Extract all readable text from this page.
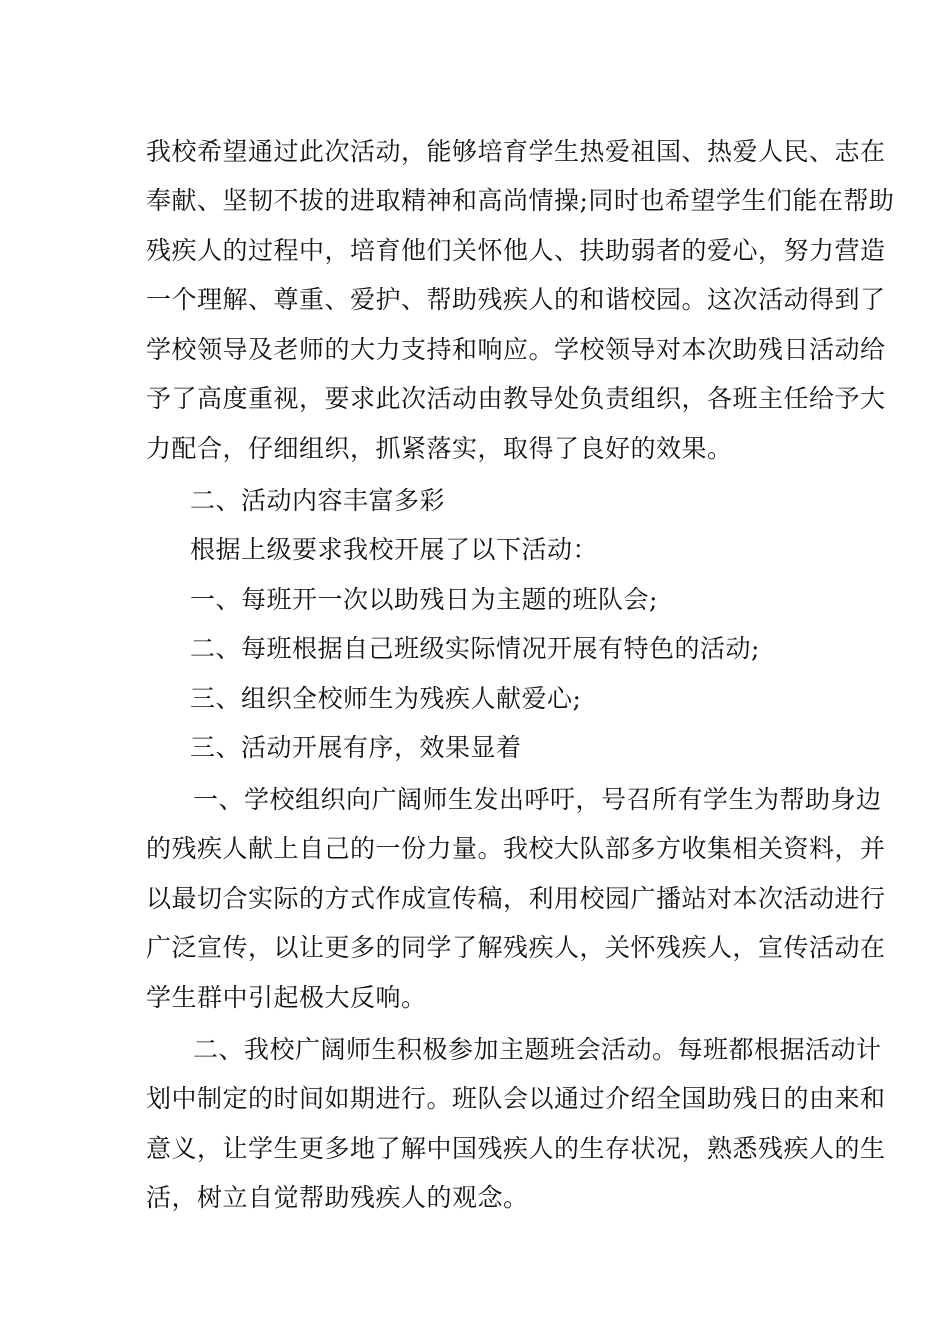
我校希望通过此次活动，能够培育学生热爱祖国、热爱人民、志在
奉献、坚韧不拔的进取精神和高尚情操;同时也希望学生们能在帮助
残疾人的过程中，培育他们关怀他人、扶助弱者的爱心，努力营造
一个理解、尊重、爱护、帮助残疾人的和谐校园。这次活动得到了
学校领导及老师的大力支持和响应。学校领导对本次助残日活动给
予了高度重视，要求此次活动由教导处负责组织，各班主任给予大
力配合，仔细组织，抓紧落实，取得了良好的效果。
二、活动内容丰富多彩
根据上级要求我校开展了以下活动：
一、每班开一次以助残日为主题的班队会;
二、每班根据自己班级实际情况开展有特色的活动;
三、组织全校师生为残疾人献爱心;
三、活动开展有序，效果显着
一、学校组织向广阔师生发出呼吁，号召所有学生为帮助身边
的残疾人献上自己的一份力量。我校大队部多方收集相关资料，并
以最切合实际的方式作成宣传稿，利用校园广播站对本次活动进行
广泛宣传，以让更多的同学了解残疾人，关怀残疾人，宣传活动在
学生群中引起极大反响。
二、我校广阔师生积极参加主题班会活动。每班都根据活动计
划中制定的时间如期进行。班队会以通过介绍全国助残日的由来和
意义，让学生更多地了解中国残疾人的生存状况，熟悉残疾人的生
活，树立自觉帮助残疾人的观念。
